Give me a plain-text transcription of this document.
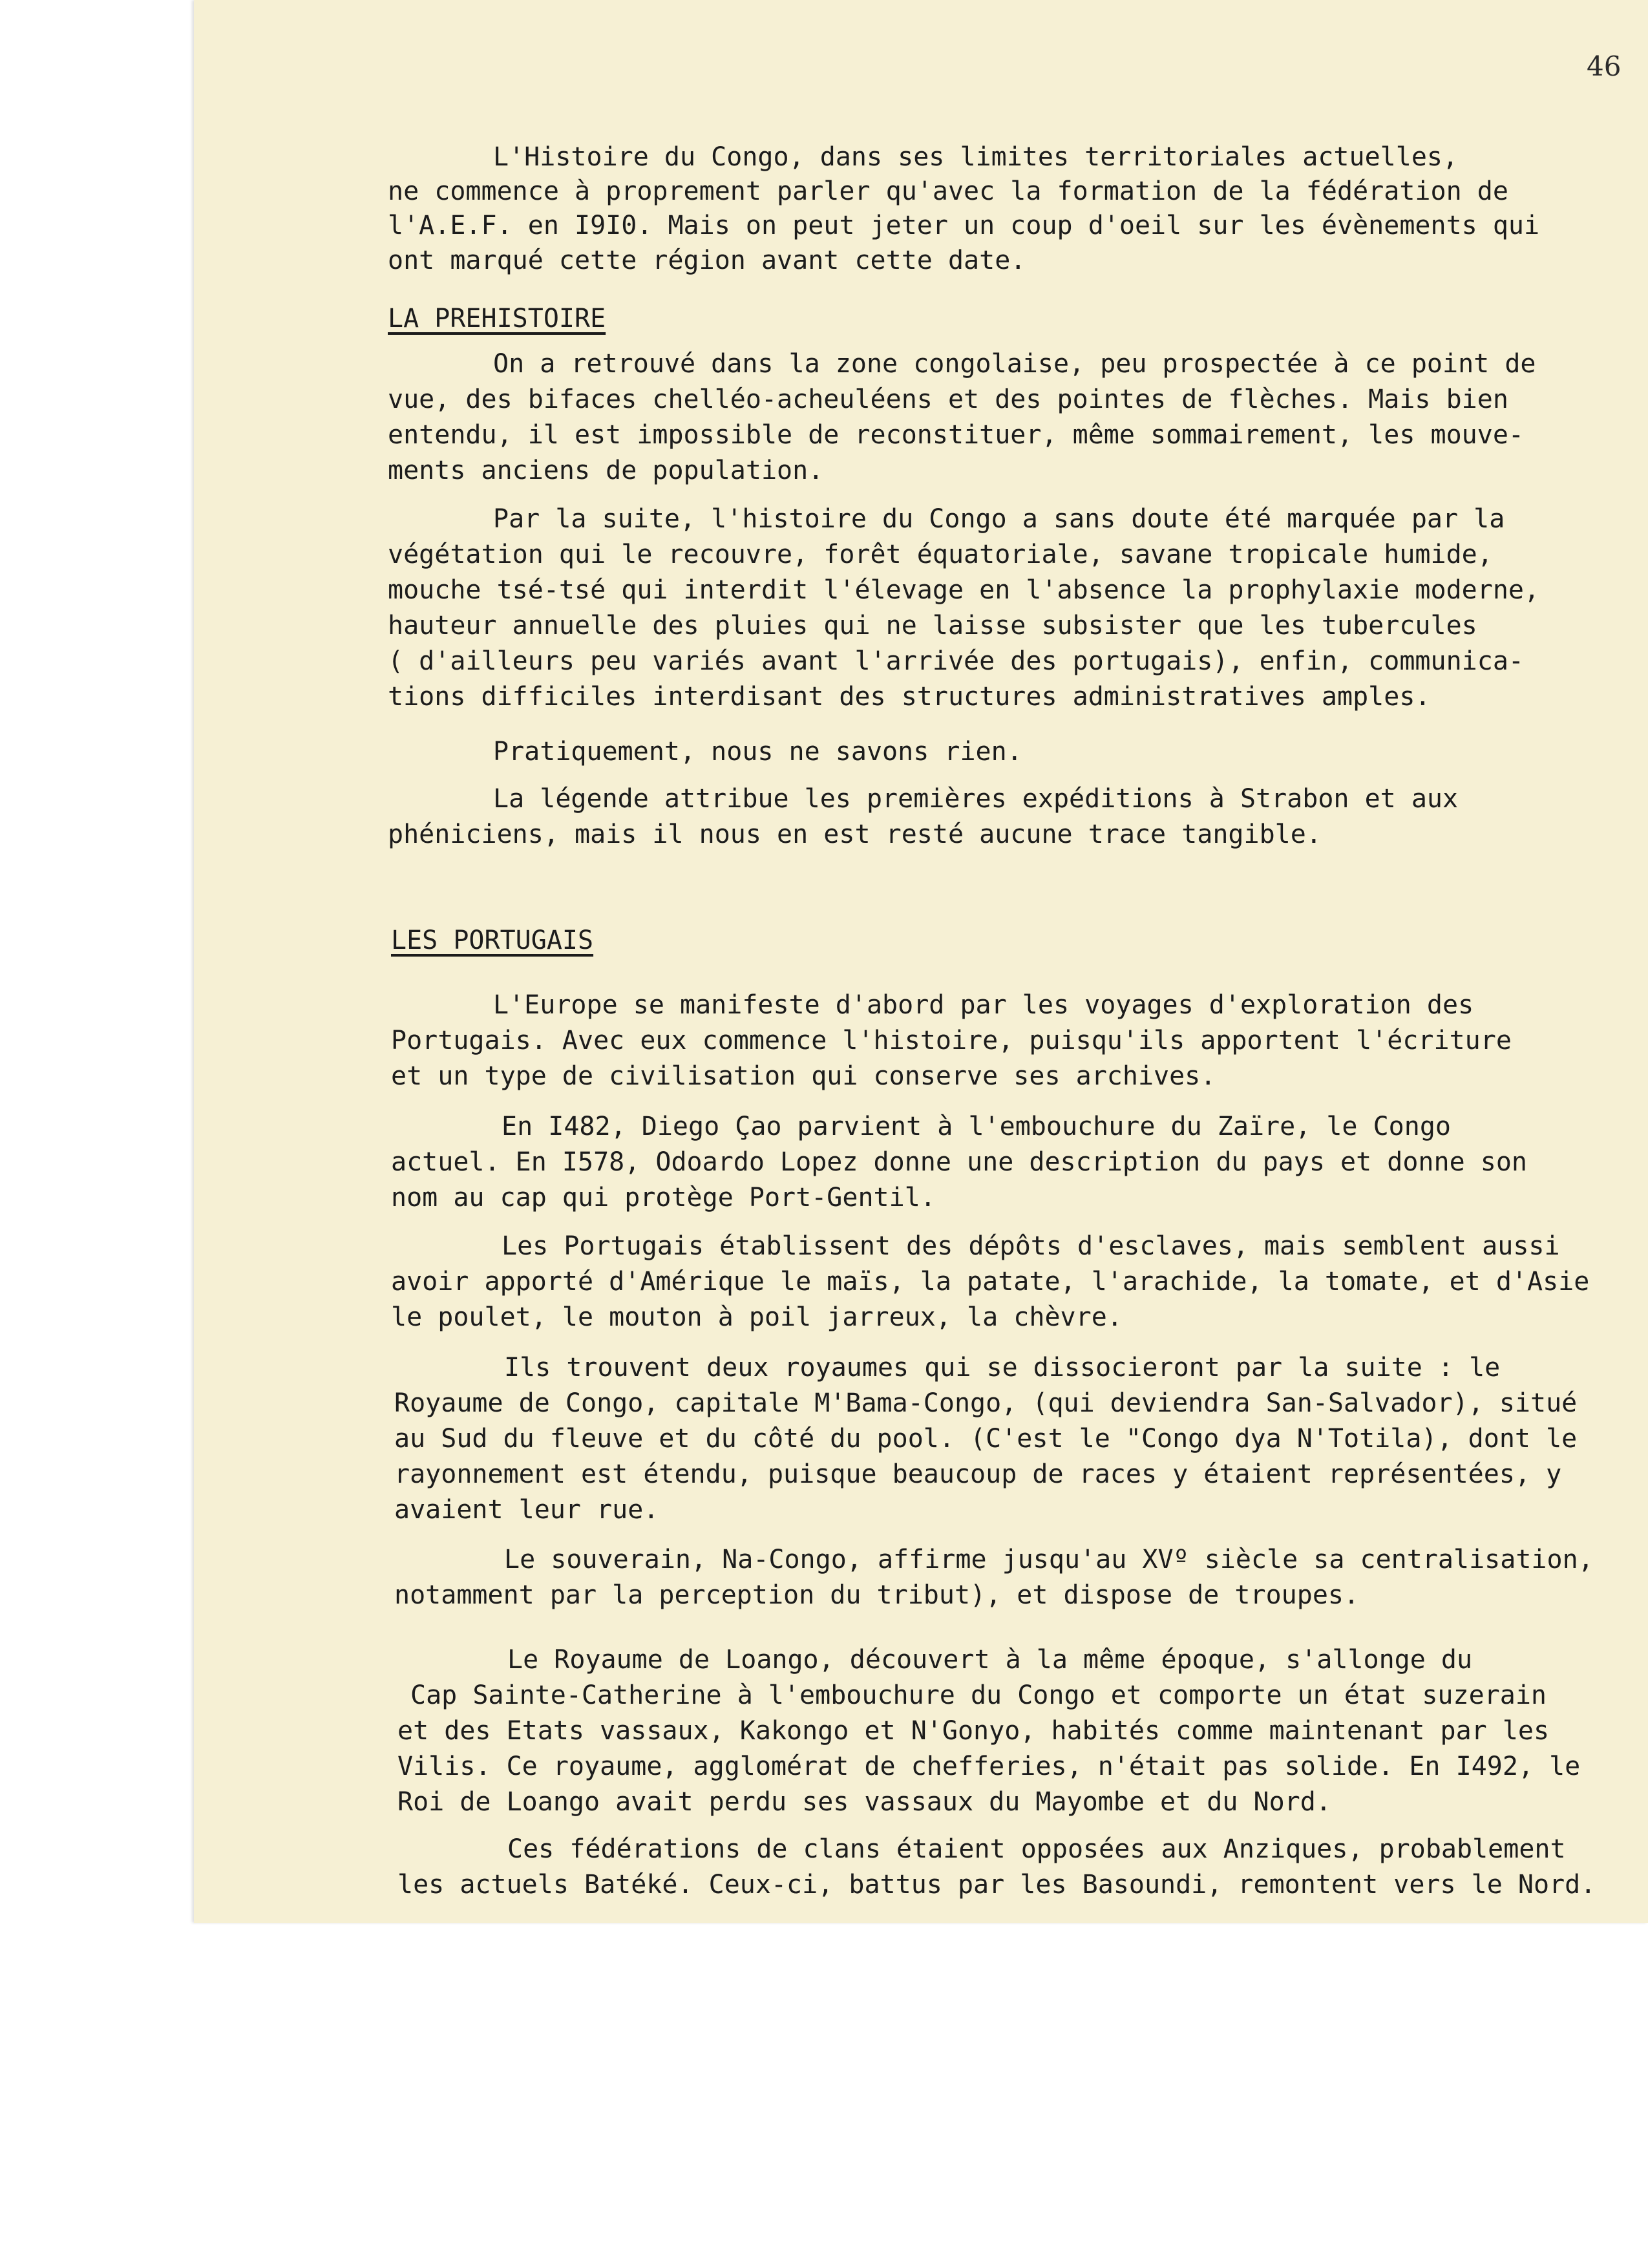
46
L'Histoire du Congo, dans ses limites territoriales actuelles,
ne commence à proprement parler qu'avec la formation de la fédération de
l'A.E.F. en I9I0. Mais on peut jeter un coup d'oeil sur les évènements qui
ont marqué cette région avant cette date.
LA PREHISTOIRE
On a retrouvé dans la zone congolaise, peu prospectée à ce point de
vue, des bifaces chelléo-acheuléens et des pointes de flèches. Mais bien
entendu, il est impossible de reconstituer, même sommairement, les mouve-
ments anciens de population.
Par la suite, l'histoire du Congo a sans doute été marquée par la
végétation qui le recouvre, forêt équatoriale, savane tropicale humide,
mouche tsé-tsé qui interdit l'élevage en l'absence la prophylaxie moderne,
hauteur annuelle des pluies qui ne laisse subsister que les tubercules
( d'ailleurs peu variés avant l'arrivée des portugais), enfin, communica-
tions difficiles interdisant des structures administratives amples.
Pratiquement, nous ne savons rien.
La légende attribue les premières expéditions à Strabon et aux
phéniciens, mais il nous en est resté aucune trace tangible.
LES PORTUGAIS
L'Europe se manifeste d'abord par les voyages d'exploration des
Portugais. Avec eux commence l'histoire, puisqu'ils apportent l'écriture
et un type de civilisation qui conserve ses archives.
En I482, Diego Çao parvient à l'embouchure du Zaïre, le Congo
actuel. En I578, Odoardo Lopez donne une description du pays et donne son
nom au cap qui protège Port-Gentil.
Les Portugais établissent des dépôts d'esclaves, mais semblent aussi
avoir apporté d'Amérique le maïs, la patate, l'arachide, la tomate, et d'Asie
le poulet, le mouton à poil jarreux, la chèvre.
Ils trouvent deux royaumes qui se dissocieront par la suite : le
Royaume de Congo, capitale M'Bama-Congo, (qui deviendra San-Salvador), situé
au Sud du fleuve et du côté du pool. (C'est le "Congo dya N'Totila), dont le
rayonnement est étendu, puisque beaucoup de races y étaient représentées, y
avaient leur rue.
Le souverain, Na-Congo, affirme jusqu'au XVº siècle sa centralisation,
notamment par la perception du tribut), et dispose de troupes.
Le Royaume de Loango, découvert à la même époque, s'allonge du
Cap Sainte-Catherine à l'embouchure du Congo et comporte un état suzerain
et des Etats vassaux, Kakongo et N'Gonyo, habités comme maintenant par les
Vilis. Ce royaume, agglomérat de chefferies, n'était pas solide. En I492, le
Roi de Loango avait perdu ses vassaux du Mayombe et du Nord.
Ces fédérations de clans étaient opposées aux Anziques, probablement
les actuels Batéké. Ceux-ci, battus par les Basoundi, remontent vers le Nord.
